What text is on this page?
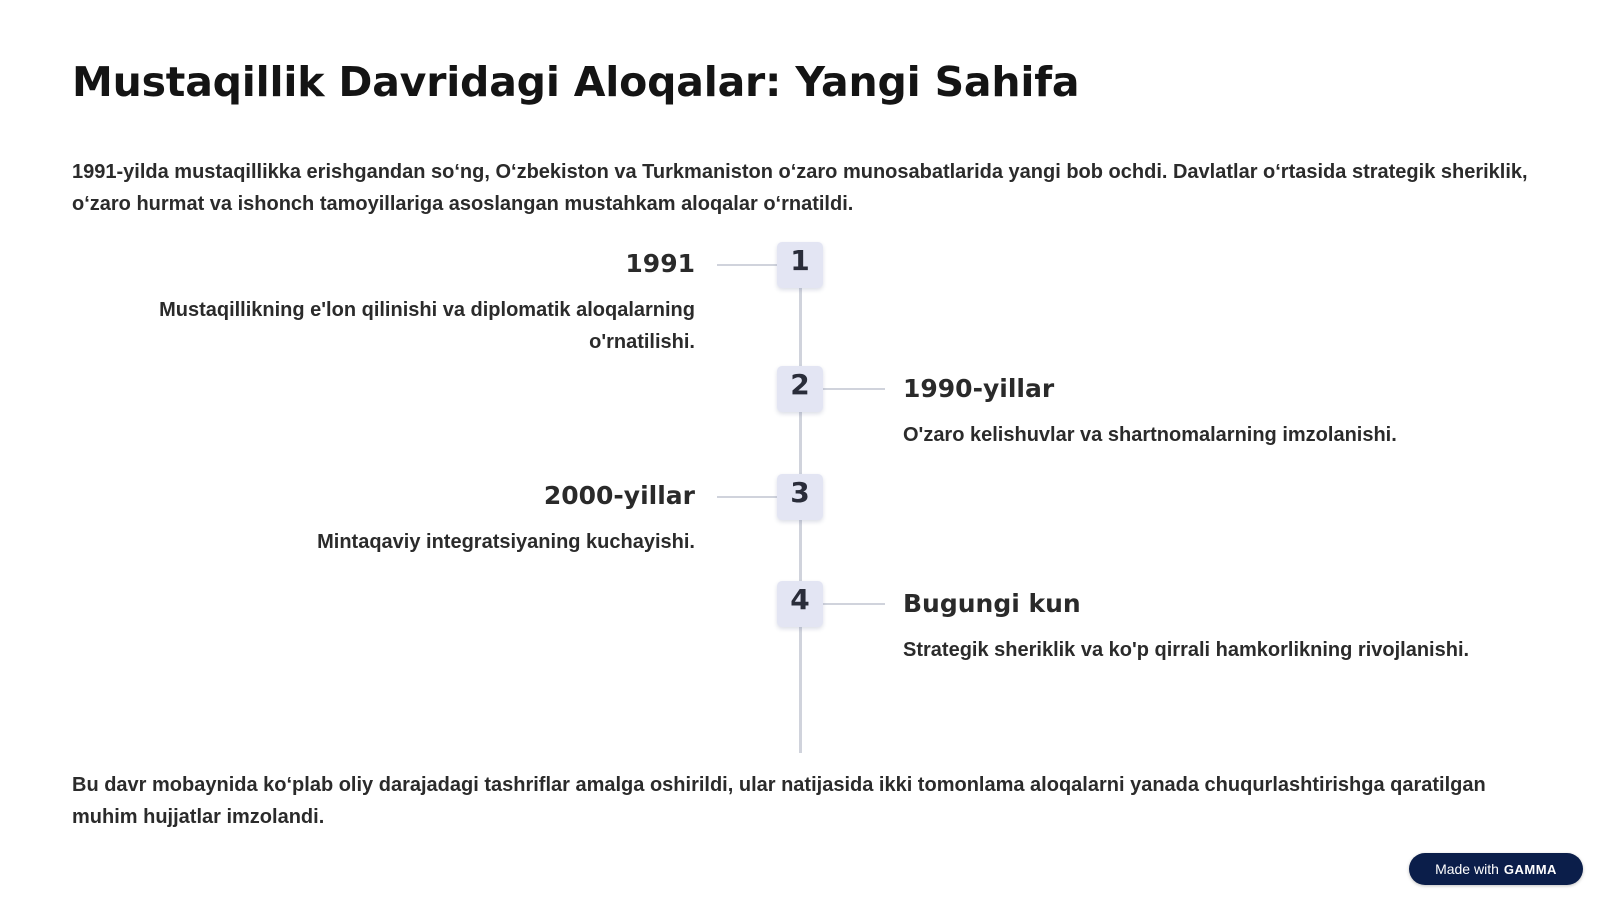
Mustaqillik Davridagi Aloqalar: Yangi Sahifa

1991-yilda mustaqillikka erishgandan so‘ng, O‘zbekiston va Turkmaniston o‘zaro munosabatlarida yangi bob ochdi. Davlatlar o‘rtasida strategik sheriklik, o‘zaro hurmat va ishonch tamoyillariga asoslangan mustahkam aloqalar o‘rnatildi.

1
1991

Mustaqillikning e'lon qilinishi va diplomatik aloqalarning o'rnatilishi.

2	1990-yillar

O'zaro kelishuvlar va shartnomalarning imzolanishi.

3
2000-yillar

Mintaqaviy integratsiyaning kuchayishi.

4	Bugungi kun

Strategik sheriklik va ko'p qirrali hamkorlikning rivojlanishi.

Bu davr mobaynida ko‘plab oliy darajadagi tashriflar amalga oshirildi, ular natijasida ikki tomonlama aloqalarni yanada chuqurlashtirishga qaratilgan muhim hujjatlar imzolandi.

Made with GAMMA
